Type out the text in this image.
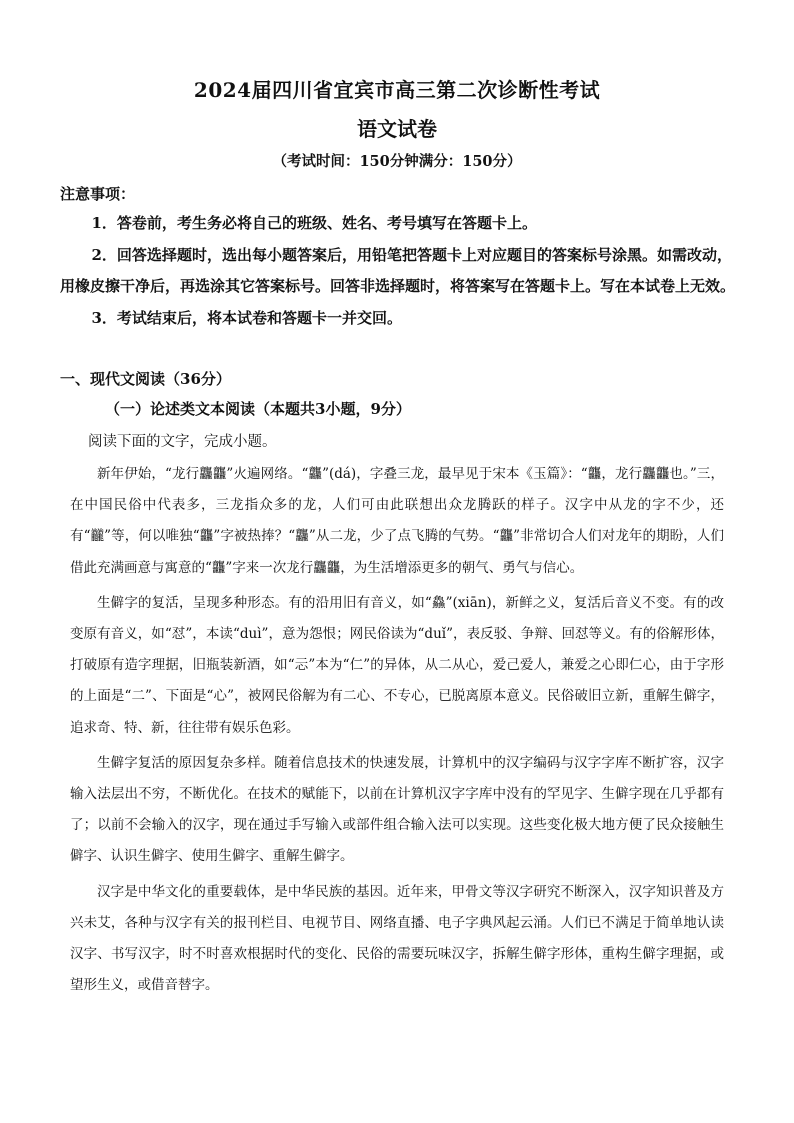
2024届四川省宜宾市高三第二次诊断性考试
语文试卷
（考试时间：150分钟满分：150分）
注意事项：

1．答卷前，考生务必将自己的班级、姓名、考号填写在答题卡上。

2．回答选择题时，选出每小题答案后，用铅笔把答题卡上对应题目的答案标号涂黑。如需改动，用橡皮擦干净后，再选涂其它答案标号。回答非选择题时，将答案写在答题卡上。写在本试卷上无效。

3．考试结束后，将本试卷和答题卡一并交回。

一、现代文阅读（36分）
（一）论述类文本阅读（本题共3小题，9分）
阅读下面的文字，完成小题。

新年伊始，“龙行龘龘”火遍网络。“龘”(dá)，字叠三龙，最早见于宋本《玉篇》：“龘，龙行龘龘也。”三，在中国民俗中代表多，三龙指众多的龙，人们可由此联想出众龙腾跃的样子。汉字中从龙的字不少，还有“龖”等，何以唯独“龘”字被热捧？“龘”从二龙，少了点飞腾的气势。“龘”非常切合人们对龙年的期盼，人们借此充满画意与寓意的“龘”字来一次龙行龘龘，为生活增添更多的朝气、勇气与信心。

生僻字的复活，呈现多种形态。有的沿用旧有音义，如“鱻”(xiān)，新鲜之义，复活后音义不变。有的改变原有音义，如“怼”，本读“duì”，意为怨恨；网民俗读为“duǐ”，表反驳、争辩、回怼等义。有的俗解形体，打破原有造字理据，旧瓶装新酒，如“忈”本为“仁”的异体，从二从心，爱己爱人，兼爱之心即仁心，由于字形的上面是“二”、下面是“心”，被网民俗解为有二心、不专心，已脱离原本意义。民俗破旧立新，重解生僻字，追求奇、特、新，往往带有娱乐色彩。

生僻字复活的原因复杂多样。随着信息技术的快速发展，计算机中的汉字编码与汉字字库不断扩容，汉字输入法层出不穷，不断优化。在技术的赋能下，以前在计算机汉字字库中没有的罕见字、生僻字现在几乎都有了；以前不会输入的汉字，现在通过手写输入或部件组合输入法可以实现。这些变化极大地方便了民众接触生僻字、认识生僻字、使用生僻字、重解生僻字。

汉字是中华文化的重要载体，是中华民族的基因。近年来，甲骨文等汉字研究不断深入，汉字知识普及方兴未艾，各种与汉字有关的报刊栏目、电视节目、网络直播、电子字典风起云涌。人们已不满足于简单地认读汉字、书写汉字，时不时喜欢根据时代的变化、民俗的需要玩味汉字，拆解生僻字形体，重构生僻字理据，或望形生义，或借音替字。
